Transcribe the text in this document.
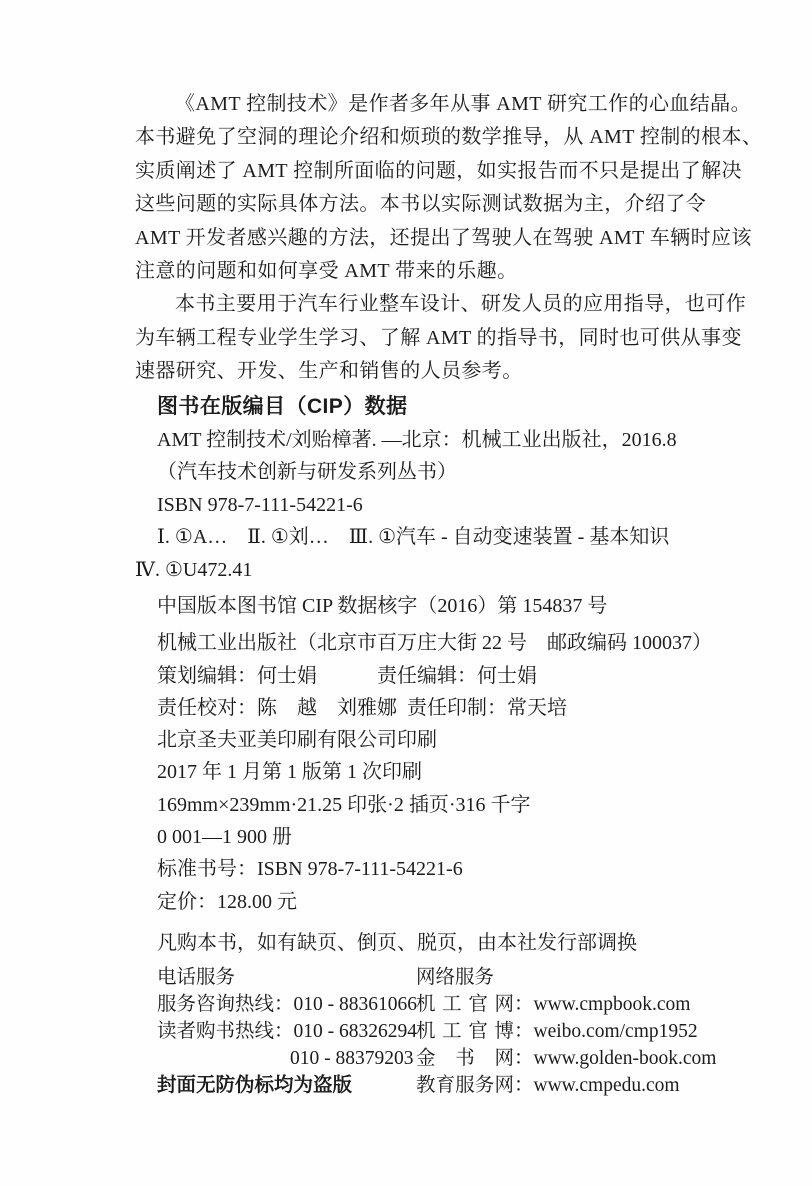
《AMT 控制技术》是作者多年从事 AMT 研究工作的心血结晶。
本书避免了空洞的理论介绍和烦琐的数学推导，从 AMT 控制的根本、
实质阐述了 AMT 控制所面临的问题，如实报告而不只是提出了解决
这些问题的实际具体方法。本书以实际测试数据为主，介绍了令
AMT 开发者感兴趣的方法，还提出了驾驶人在驾驶 AMT 车辆时应该
注意的问题和如何享受 AMT 带来的乐趣。
本书主要用于汽车行业整车设计、研发人员的应用指导，也可作
为车辆工程专业学生学习、了解 AMT 的指导书，同时也可供从事变
速器研究、开发、生产和销售的人员参考。
图书在版编目（CIP）数据
AMT 控制技术/刘贻樟著. —北京：机械工业出版社，2016.8
（汽车技术创新与研发系列丛书）
ISBN 978-7-111-54221-6
Ⅰ. ①A…　Ⅱ. ①刘…　Ⅲ. ①汽车 - 自动变速装置 - 基本知识
Ⅳ. ①U472.41
中国版本图书馆 CIP 数据核字（2016）第 154837 号
机械工业出版社（北京市百万庄大街 22 号　邮政编码 100037）
策划编辑：何士娟	责任编辑：何士娟
责任校对：陈　越　刘雅娜 责任印制：常天培
北京圣夫亚美印刷有限公司印刷
2017 年 1 月第 1 版第 1 次印刷
169mm×239mm·21.25 印张·2 插页·316 千字
0 001—1 900 册
标准书号：ISBN 978-7-111-54221-6
定价：128.00 元
凡购本书，如有缺页、倒页、脱页，由本社发行部调换
电话服务
服务咨询热线：010 - 88361066
读者购书热线：010 - 68326294
010 - 88379203
封面无防伪标均为盗版
网络服务
机工官网：www.cmpbook.com
机工官博：weibo.com/cmp1952
金书网：www.golden-book.com
教育服务网：www.cmpedu.com
